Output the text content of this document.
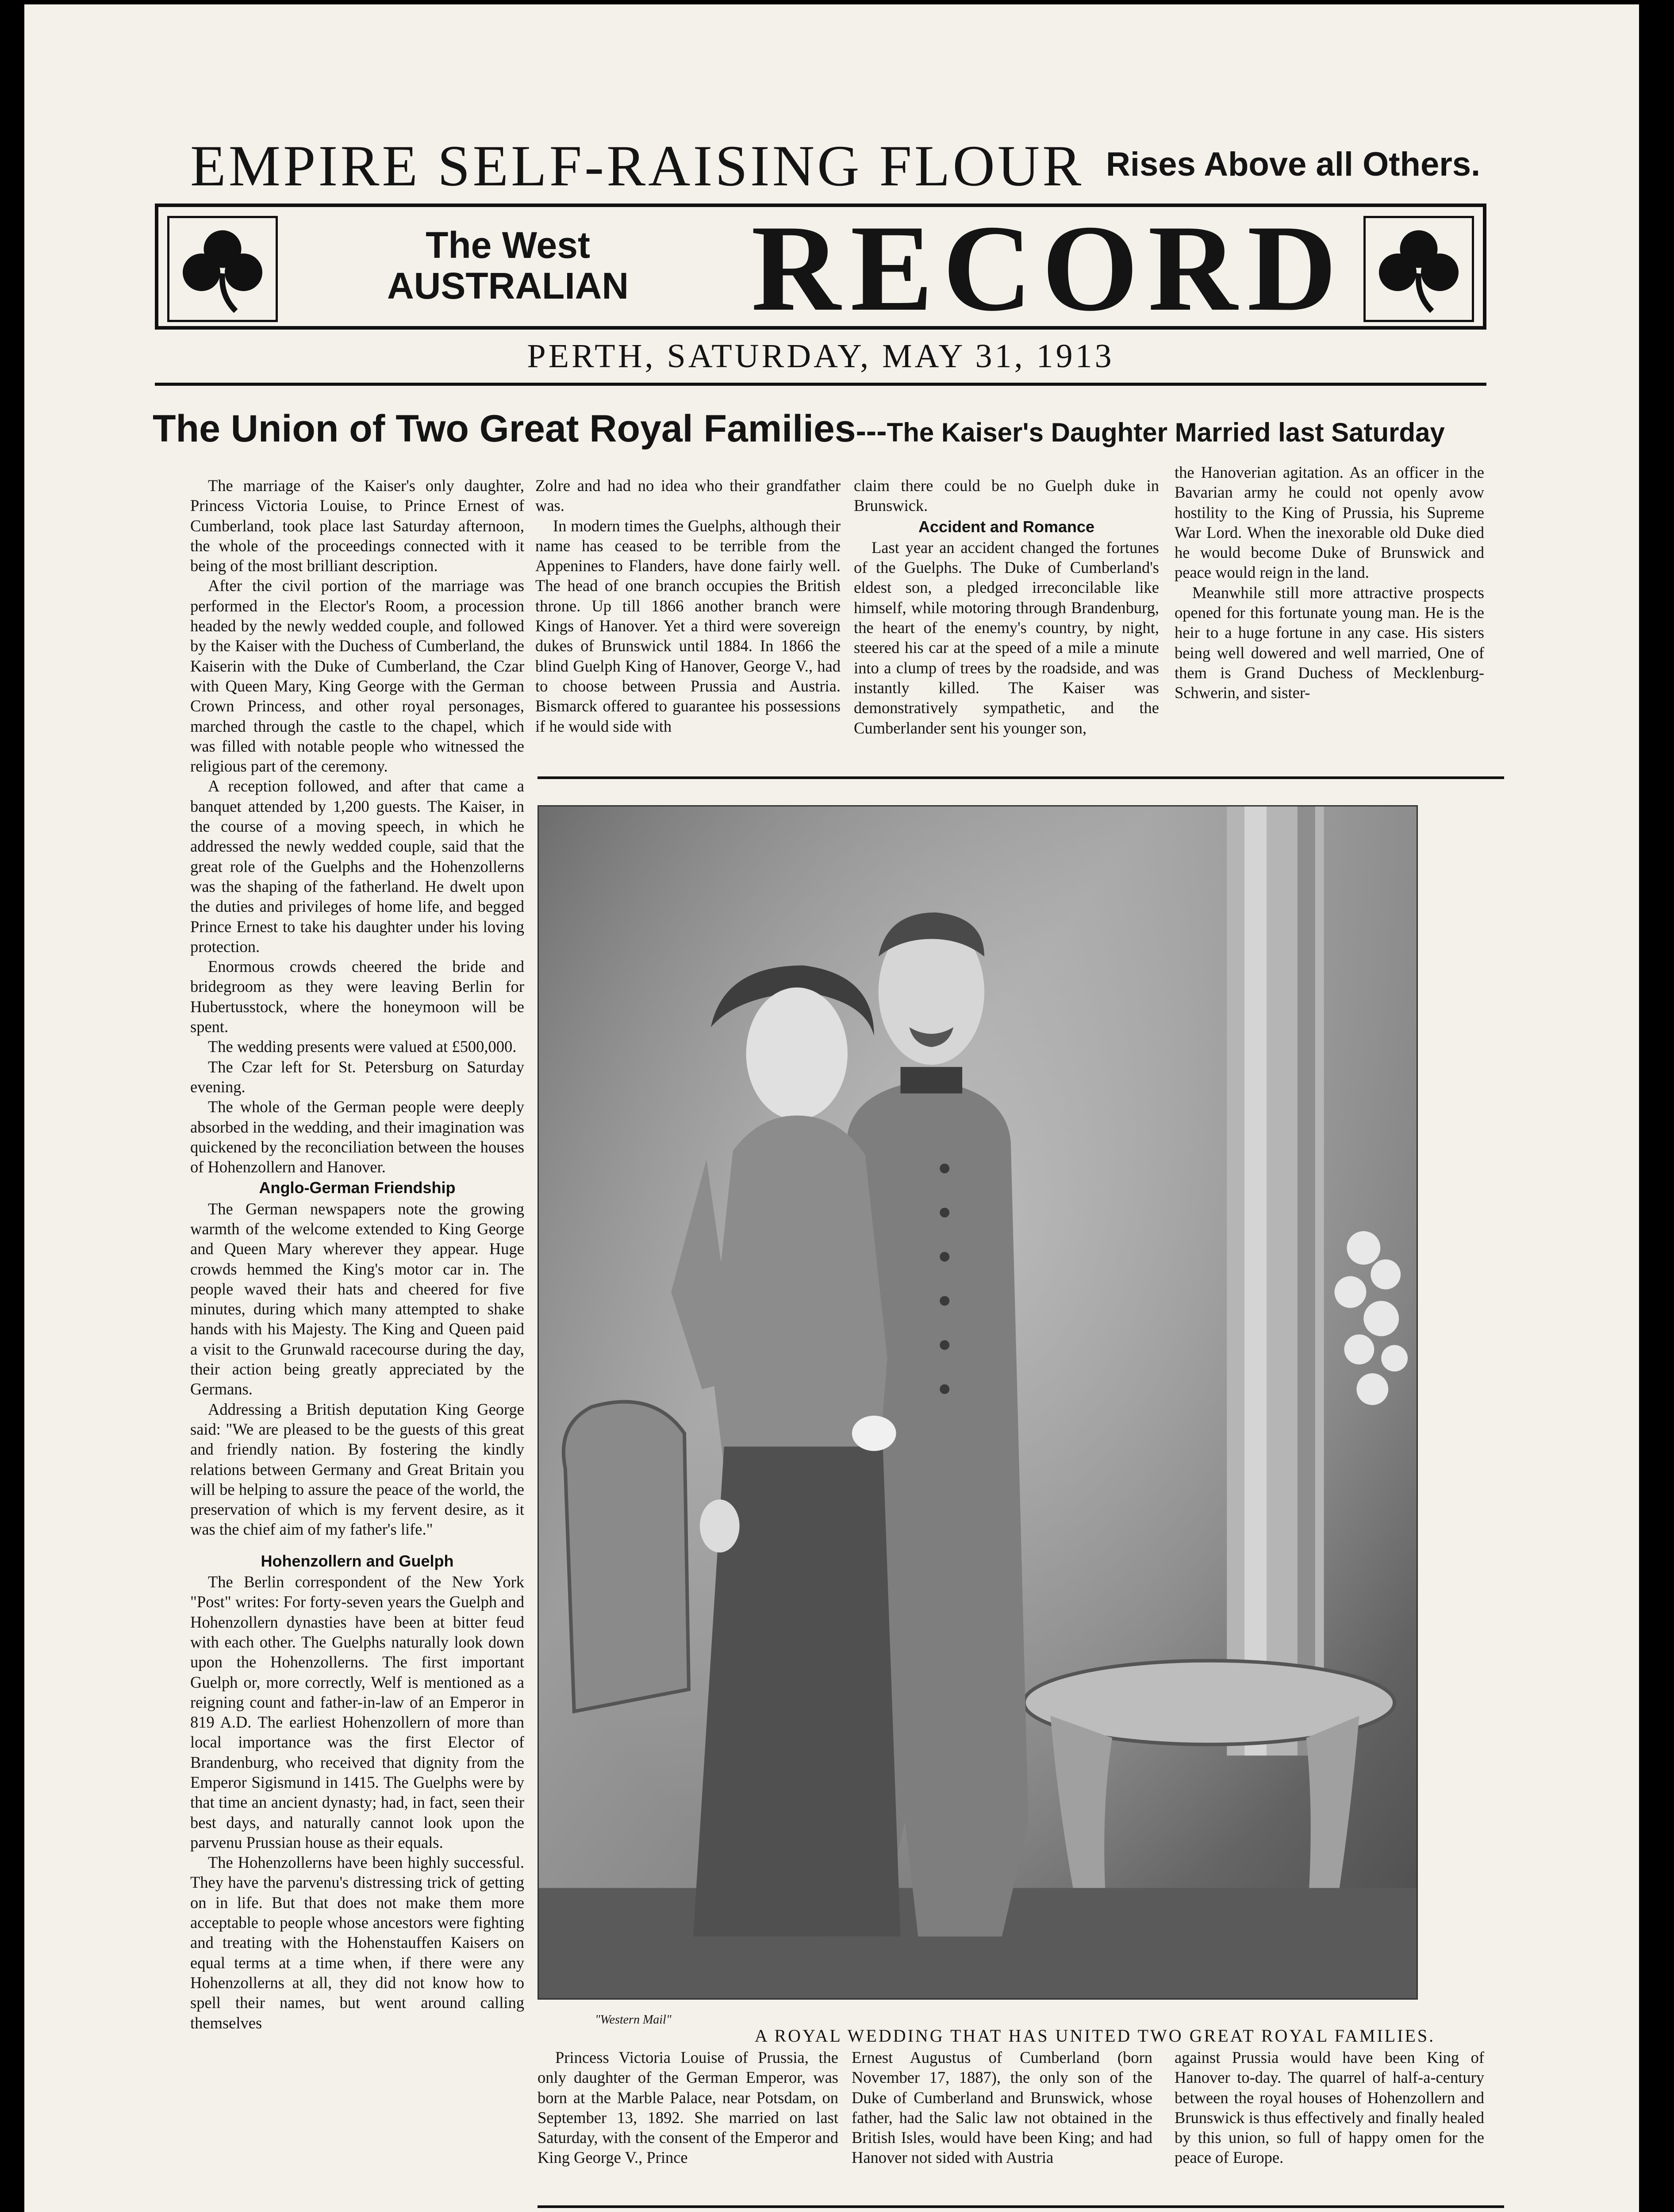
EMPIRE SELF-RAISING FLOUR Rises Above all Others.
The West
AUSTRALIAN RECORD
PERTH, SATURDAY, MAY 31, 1913
The Union of Two Great Royal Families---The Kaiser's Daughter Married last Saturday

The marriage of the Kaiser's only daughter, Princess Victoria Louise, to Prince Ernest of Cumberland, took place last Saturday afternoon, the whole of the proceedings connected with it being of the most brilliant description.

After the civil portion of the marriage was performed in the Elector's Room, a procession headed by the newly wedded couple, and followed by the Kaiser with the Duchess of Cumberland, the Kaiserin with the Duke of Cumberland, the Czar with Queen Mary, King George with the German Crown Princess, and other royal personages, marched through the castle to the chapel, which was filled with notable people who witnessed the religious part of the ceremony.

A reception followed, and after that came a banquet attended by 1,200 guests. The Kaiser, in the course of a moving speech, in which he addressed the newly wedded couple, said that the great role of the Guelphs and the Hohenzollerns was the shaping of the fatherland. He dwelt upon the duties and privileges of home life, and begged Prince Ernest to take his daughter under his loving protection.

Enormous crowds cheered the bride and bridegroom as they were leaving Berlin for Hubertusstock, where the honeymoon will be spent.

The wedding presents were valued at £500,000.

The Czar left for St. Petersburg on Saturday evening.

The whole of the German people were deeply absorbed in the wedding, and their imagination was quickened by the reconciliation between the houses of Hohenzollern and Hanover.

Anglo-German Friendship

The German newspapers note the growing warmth of the welcome extended to King George and Queen Mary wherever they appear. Huge crowds hemmed the King's motor car in. The people waved their hats and cheered for five minutes, during which many attempted to shake hands with his Majesty. The King and Queen paid a visit to the Grunwald racecourse during the day, their action being greatly appreciated by the Germans.

Addressing a British deputation King George said: "We are pleased to be the guests of this great and friendly nation. By fostering the kindly relations between Germany and Great Britain you will be helping to assure the peace of the world, the preservation of which is my fervent desire, as it was the chief aim of my father's life."

Hohenzollern and Guelph

The Berlin correspondent of the New York "Post" writes: For forty-seven years the Guelph and Hohenzollern dynasties have been at bitter feud with each other. The Guelphs naturally look down upon the Hohenzollerns. The first important Guelph or, more correctly, Welf is mentioned as a reigning count and father-in-law of an Emperor in 819 A.D. The earliest Hohenzollern of more than local importance was the first Elector of Brandenburg, who received that dignity from the Emperor Sigismund in 1415. The Guelphs were by that time an ancient dynasty; had, in fact, seen their best days, and naturally cannot look upon the parvenu Prussian house as their equals.

The Hohenzollerns have been highly successful. They have the parvenu's distressing trick of getting on in life. But that does not make them more acceptable to people whose ancestors were fighting and treating with the Hohenstauffen Kaisers on equal terms at a time when, if there were any Hohenzollerns at all, they did not know how to spell their names, but went around calling themselves

Zolre and had no idea who their grandfather was.

In modern times the Guelphs, although their name has ceased to be terrible from the Appenines to Flanders, have done fairly well. The head of one branch occupies the British throne. Up till 1866 another branch were Kings of Hanover. Yet a third were sovereign dukes of Brunswick until 1884. In 1866 the blind Guelph King of Hanover, George V., had to choose between Prussia and Austria. Bismarck offered to guarantee his possessions if he would side with

claim there could be no Guelph duke in Brunswick.

Accident and Romance

Last year an accident changed the fortunes of the Guelphs. The Duke of Cumberland's eldest son, a pledged irreconcilable like himself, while motoring through Brandenburg, the heart of the enemy's country, by night, steered his car at the speed of a mile a minute into a clump of trees by the roadside, and was instantly killed. The Kaiser was demonstratively sympathetic, and the Cumberlander sent his younger son,

the Hanoverian agitation. As an officer in the Bavarian army he could not openly avow hostility to the King of Prussia, his Supreme War Lord. When the inexorable old Duke died he would become Duke of Brunswick and peace would reign in the land.

Meanwhile still more attractive prospects opened for this fortunate young man. He is the heir to a huge fortune in any case. His sisters being well dowered and well married, One of them is Grand Duchess of Mecklenburg-Schwerin, and sister-

"Western Mail"
A ROYAL WEDDING THAT HAS UNITED TWO GREAT ROYAL FAMILIES.

Princess Victoria Louise of Prussia, the only daughter of the German Emperor, was born at the Marble Palace, near Potsdam, on September 13, 1892. She married on last Saturday, with the consent of the Emperor and King George V., Prince

Ernest Augustus of Cumberland (born November 17, 1887), the only son of the Duke of Cumberland and Brunswick, whose father, had the Salic law not obtained in the British Isles, would have been King; and had Hanover not sided with Austria

against Prussia would have been King of Hanover to-day. The quarrel of half-a-century between the royal houses of Hohenzollern and Brunswick is thus effectively and finally healed by this union, so full of happy omen for the peace of Europe.
